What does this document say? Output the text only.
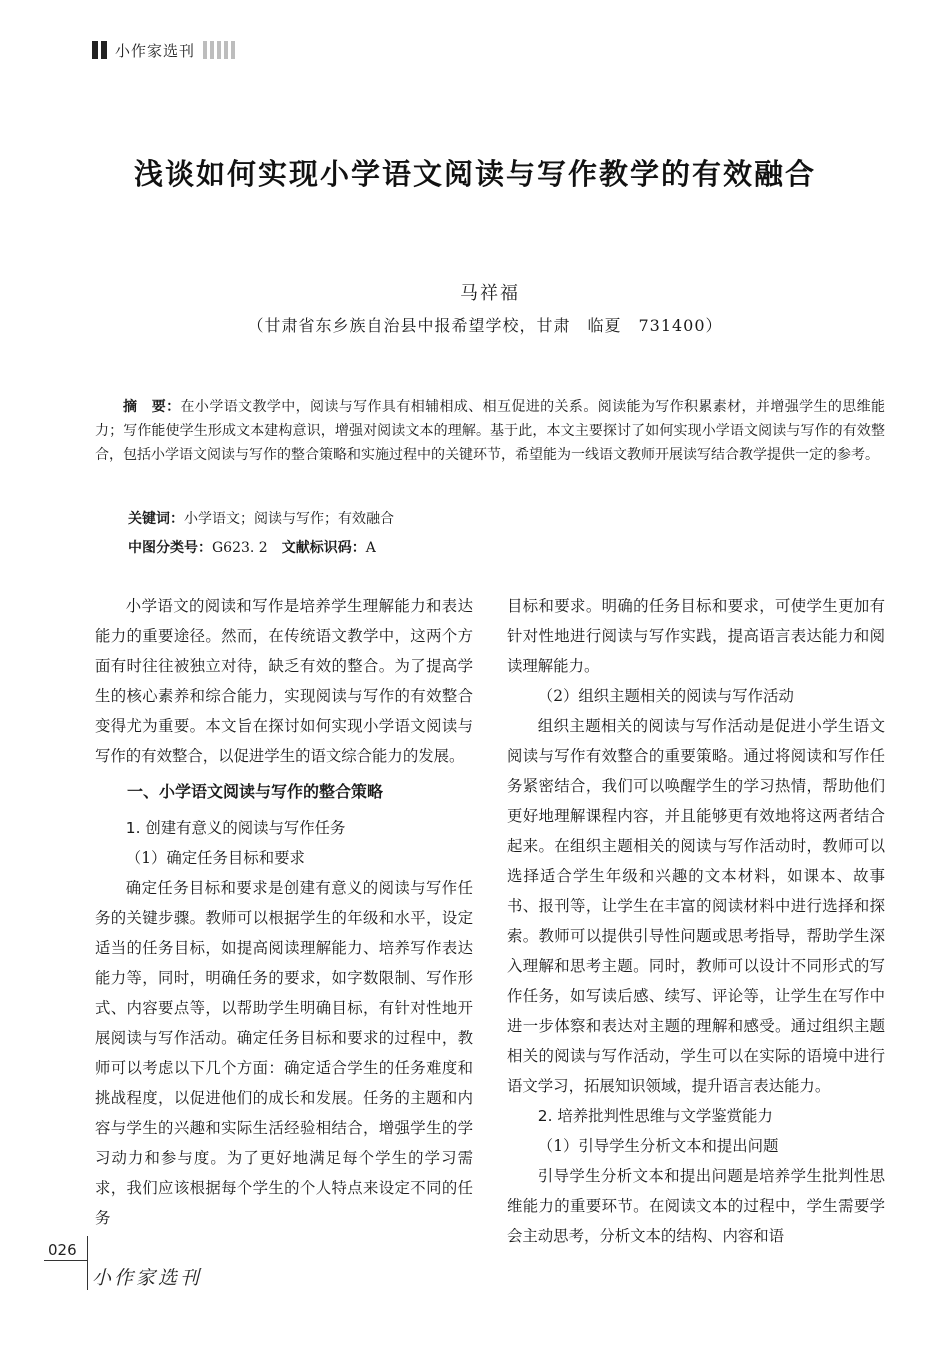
小作家选刊
浅谈如何实现小学语文阅读与写作教学的有效融合
马祥福
（甘肃省东乡族自治县中报希望学校，甘肃　临夏　731400）

摘　要：在小学语文教学中，阅读与写作具有相辅相成、相互促进的关系。阅读能为写作积累素材，并增强学生的思维能力；写作能使学生形成文本建构意识，增强对阅读文本的理解。基于此，本文主要探讨了如何实现小学语文阅读与写作的有效整合，包括小学语文阅读与写作的整合策略和实施过程中的关键环节，希望能为一线语文教师开展读写结合教学提供一定的参考。

关键词：小学语文；阅读与写作；有效融合
中图分类号：G623. 2 文献标识码：A

小学语文的阅读和写作是培养学生理解能力和表达能力的重要途径。然而，在传统语文教学中，这两个方面有时往往被独立对待，缺乏有效的整合。为了提高学生的核心素养和综合能力，实现阅读与写作的有效整合变得尤为重要。本文旨在探讨如何实现小学语文阅读与写作的有效整合，以促进学生的语文综合能力的发展。

一、小学语文阅读与写作的整合策略
1. 创建有意义的阅读与写作任务
（1）确定任务目标和要求

确定任务目标和要求是创建有意义的阅读与写作任务的关键步骤。教师可以根据学生的年级和水平，设定适当的任务目标，如提高阅读理解能力、培养写作表达能力等，同时，明确任务的要求，如字数限制、写作形式、内容要点等，以帮助学生明确目标，有针对性地开展阅读与写作活动。确定任务目标和要求的过程中，教师可以考虑以下几个方面：确定适合学生的任务难度和挑战程度，以促进他们的成长和发展。任务的主题和内容与学生的兴趣和实际生活经验相结合，增强学生的学习动力和参与度。为了更好地满足每个学生的学习需求，我们应该根据每个学生的个人特点来设定不同的任务

目标和要求。明确的任务目标和要求，可使学生更加有针对性地进行阅读与写作实践，提高语言表达能力和阅读理解能力。

（2）组织主题相关的阅读与写作活动

组织主题相关的阅读与写作活动是促进小学生语文阅读与写作有效整合的重要策略。通过将阅读和写作任务紧密结合，我们可以唤醒学生的学习热情，帮助他们更好地理解课程内容，并且能够更有效地将这两者结合起来。在组织主题相关的阅读与写作活动时，教师可以选择适合学生年级和兴趣的文本材料，如课本、故事书、报刊等，让学生在丰富的阅读材料中进行选择和探索。教师可以提供引导性问题或思考指导，帮助学生深入理解和思考主题。同时，教师可以设计不同形式的写作任务，如写读后感、续写、评论等，让学生在写作中进一步体察和表达对主题的理解和感受。通过组织主题相关的阅读与写作活动，学生可以在实际的语境中进行语文学习，拓展知识领域，提升语言表达能力。

2. 培养批判性思维与文学鉴赏能力
（1）引导学生分析文本和提出问题

引导学生分析文本和提出问题是培养学生批判性思维能力的重要环节。在阅读文本的过程中，学生需要学会主动思考，分析文本的结构、内容和语

026
小作家选刊
